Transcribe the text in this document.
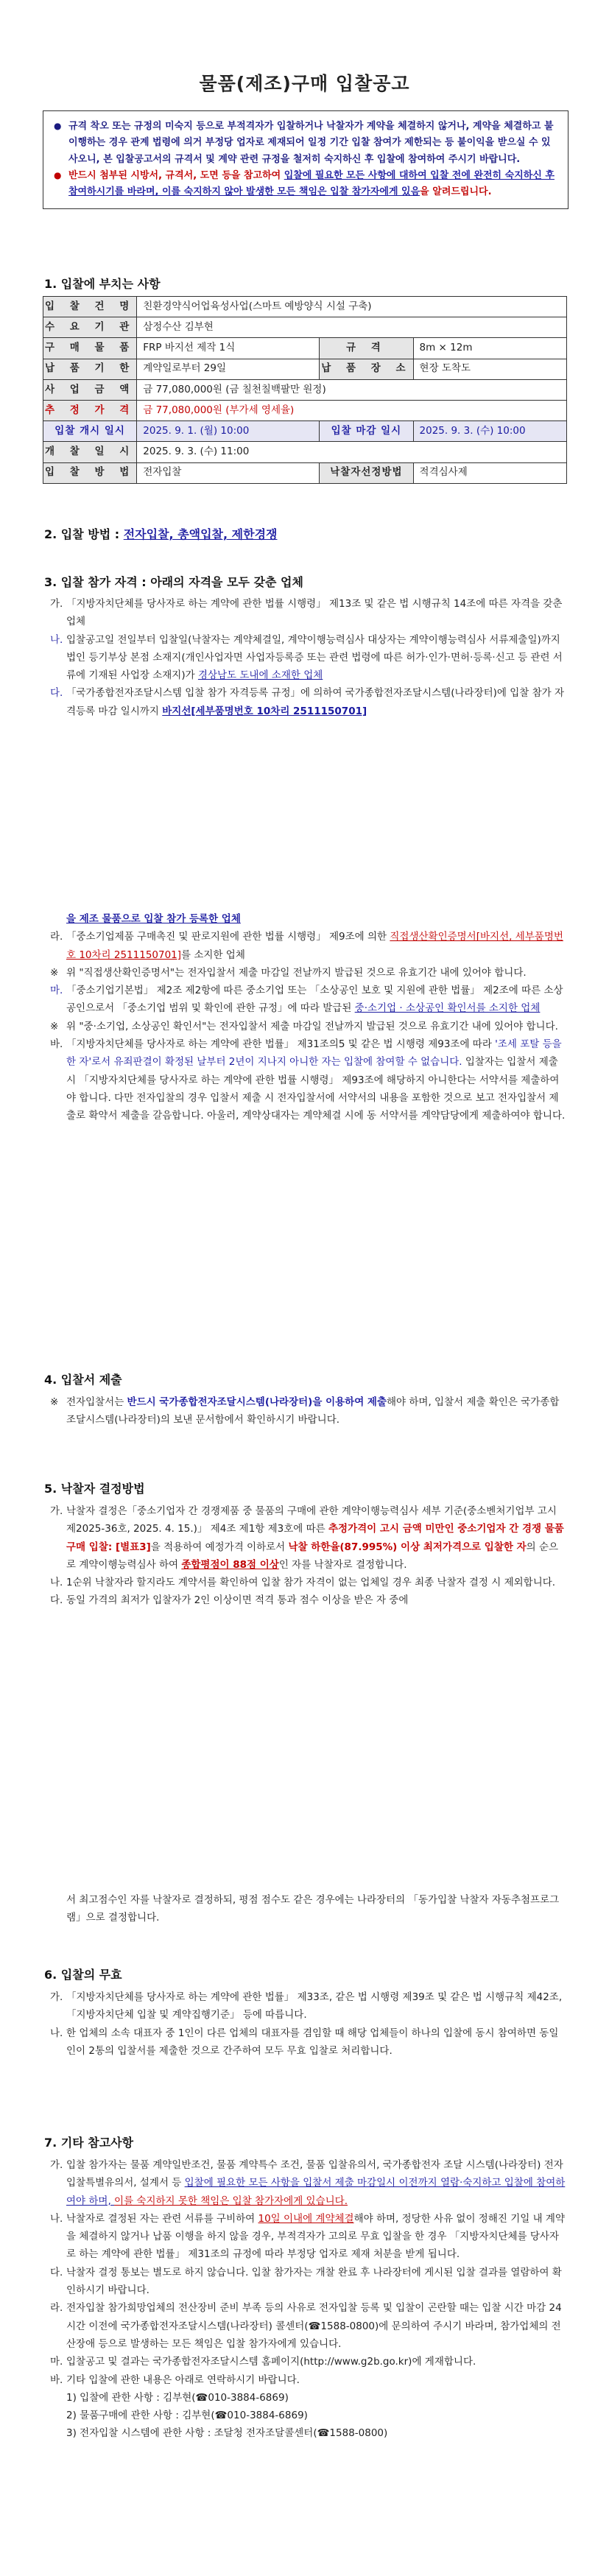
물품(제조)구매 입찰공고
● 규격 착오 또는 규정의 미숙지 등으로 부적격자가 입찰하거나 낙찰자가 계약을 체결하지 않거나, 계약을 체결하고 불이행하는 경우 관계 법령에 의거 부정당 업자로 제재되어 일정 기간 입찰 참여가 제한되는 등 불이익을 받으실 수 있사오니, 본 입찰공고서의 규격서 및 계약 관련 규정을 철저히 숙지하신 후 입찰에 참여하여 주시기 바랍니다.
● 반드시 첨부된 시방서, 규격서, 도면 등을 참고하여 입찰에 필요한 모든 사항에 대하여 입찰 전에 완전히 숙지하신 후 참여하시기를 바라며, 이를 숙지하지 않아 발생한 모든 책임은 입찰 참가자에게 있음을 알려드립니다.
1. 입찰에 부치는 사항
입 찰 건 명	친환경약식어업육성사업(스마트 예방양식 시설 구축)		
수 요 기 관	삼정수산 김부현		
구 매 물 품	FRP 바지선 제작 1식	규 격	8m × 12m
납 품 기 한	계약일로부터 29일	납 품 장 소	현장 도착도
사 업 금 액	금 77,080,000원 (금 칠천칠백팔만 원정)		
추 정 가 격	금 77,080,000원 (부가세 영세율)		
입찰 개시 일시	2025. 9. 1. (월) 10:00	입찰 마감 일시	2025. 9. 3. (수) 10:00
개 찰 일 시	2025. 9. 3. (수) 11:00		
입 찰 방 법	전자입찰	낙찰자선정방법	적격심사제
2. 입찰 방법 : 전자입찰, 총액입찰, 제한경쟁
3. 입찰 참가 자격 : 아래의 자격을 모두 갖춘 업체
가. 「지방자치단체를 당사자로 하는 계약에 관한 법률 시행령」 제13조 및 같은 법 시행규칙 14조에 따른 자격을 갖춘 업체
나. 입찰공고일 전일부터 입찰일(낙찰자는 계약체결일, 계약이행능력심사 대상자는 계약이행능력심사 서류제출일)까지 법인 등기부상 본점 소재지(개인사업자면 사업자등록증 또는 관련 법령에 따른 허가·인가·면허·등록·신고 등 관련 서류에 기재된 사업장 소재지)가 경상남도 도내에 소재한 업체
다. 「국가종합전자조달시스템 입찰 참가 자격등록 규정」에 의하여 국가종합전자조달시스템(나라장터)에 입찰 참가 자격등록 마감 일시까지 바지선[세부품명번호 10차리 2511150701]
을 제조 물품으로 입찰 참가 등록한 업체
라. 「중소기업제품 구매촉진 및 판로지원에 관한 법률 시행령」 제9조에 의한 직접생산확인증명서[바지선, 세부품명번호 10차리 2511150701]를 소지한 업체
※ 위 "직접생산확인증명서"는 전자입찰서 제출 마감일 전날까지 발급된 것으로 유효기간 내에 있어야 합니다.
마. 「중소기업기본법」 제2조 제2항에 따른 중소기업 또는 「소상공인 보호 및 지원에 관한 법률」 제2조에 따른 소상공인으로서 「중소기업 범위 및 확인에 관한 규정」에 따라 발급된 중·소기업 · 소상공인 확인서를 소지한 업체
※ 위 "중·소기업, 소상공인 확인서"는 전자입찰서 제출 마감일 전날까지 발급된 것으로 유효기간 내에 있어야 합니다.
바. 「지방자치단체를 당사자로 하는 계약에 관한 법률」 제31조의5 및 같은 법 시행령 제93조에 따라 '조세 포탈 등을 한 자'로서 유죄판결이 확정된 날부터 2년이 지나지 아니한 자는 입찰에 참여할 수 없습니다. 입찰자는 입찰서 제출 시 「지방자치단체를 당사자로 하는 계약에 관한 법률 시행령」 제93조에 해당하지 아니한다는 서약서를 제출하여야 합니다. 다만 전자입찰의 경우 입찰서 제출 시 전자입찰서에 서약서의 내용을 포함한 것으로 보고 전자입찰서 제출로 확약서 제출을 갈음합니다. 아울러, 계약상대자는 계약체결 시에 동 서약서를 계약담당에게 제출하여야 합니다.
4. 입찰서 제출
※ 전자입찰서는 반드시 국가종합전자조달시스템(나라장터)을 이용하여 제출해야 하며, 입찰서 제출 확인은 국가종합 조달시스템(나라장터)의 보낸 문서함에서 확인하시기 바랍니다.
5. 낙찰자 결정방법
가. 낙찰자 결정은「중소기업자 간 경쟁제품 중 물품의 구매에 관한 계약이행능력심사 세부 기준(중소벤처기업부 고시 제2025-36호, 2025. 4. 15.)」 제4조 제1항 제3호에 따른 추정가격이 고시 금액 미만인 중소기업자 간 경쟁 물품 구매 입찰: [별표3]을 적용하여 예정가격 이하로서 낙찰 하한율(87.995%) 이상 최저가격으로 입찰한 자의 순으로 계약이행능력심사 하여 종합평점이 88점 이상인 자를 낙찰자로 결정합니다.
나. 1순위 낙찰자라 할지라도 계약서를 확인하여 입찰 참가 자격이 없는 업체일 경우 최종 낙찰자 결정 시 제외합니다.
다. 동일 가격의 최저가 입찰자가 2인 이상이면 적격 통과 점수 이상을 받은 자 중에
서 최고점수인 자를 낙찰자로 결정하되, 평점 점수도 같은 경우에는 나라장터의 「동가입찰 낙찰자 자동추첨프로그램」으로 결정합니다.
6. 입찰의 무효
가. 「지방자치단체를 당사자로 하는 계약에 관한 법률」 제33조, 같은 법 시행령 제39조 및 같은 법 시행규칙 제42조, 「지방자치단체 입찰 및 계약집행기준」 등에 따릅니다.
나. 한 업체의 소속 대표자 중 1인이 다른 업체의 대표자를 겸임할 때 해당 업체들이 하나의 입찰에 동시 참여하면 동일인이 2통의 입찰서를 제출한 것으로 간주하여 모두 무효 입찰로 처리합니다.
7. 기타 참고사항
가. 입찰 참가자는 물품 계약일반조건, 물품 계약특수 조건, 물품 입찰유의서, 국가종합전자 조달 시스템(나라장터) 전자 입찰특별유의서, 설계서 등 입찰에 필요한 모든 사항을 입찰서 제출 마감일시 이전까지 열람·숙지하고 입찰에 참여하여야 하며, 이를 숙지하지 못한 책임은 입찰 참가자에게 있습니다.
나. 낙찰자로 결정된 자는 관련 서류를 구비하여 10일 이내에 계약체결해야 하며, 정당한 사유 없이 정해진 기일 내 계약을 체결하지 않거나 납품 이행을 하지 않을 경우, 부적격자가 고의로 무효 입찰을 한 경우 「지방자치단체를 당사자로 하는 계약에 관한 법률」 제31조의 규정에 따라 부정당 업자로 제재 처분을 받게 됩니다.
다. 낙찰자 결정 통보는 별도로 하지 않습니다. 입찰 참가자는 개찰 완료 후 나라장터에 게시된 입찰 결과를 열람하여 확인하시기 바랍니다.
라. 전자입찰 참가희망업체의 전산장비 준비 부족 등의 사유로 전자입찰 등록 및 입찰이 곤란할 때는 입찰 시간 마감 24시간 이전에 국가종합전자조달시스템(나라장터) 콜센터(☎1588-0800)에 문의하여 주시기 바라며, 참가업체의 전산장애 등으로 발생하는 모든 책임은 입찰 참가자에게 있습니다.
마. 입찰공고 및 결과는 국가종합전자조달시스템 홈페이지(http://www.g2b.go.kr)에 게재합니다.
바. 기타 입찰에 관한 내용은 아래로 연락하시기 바랍니다.
1) 입찰에 관한 사항 : 김부현(☎010-3884-6869)
2) 물품구매에 관한 사항 : 김부현(☎010-3884-6869)
3) 전자입찰 시스템에 관한 사항 : 조달청 전자조달콜센터(☎1588-0800)
